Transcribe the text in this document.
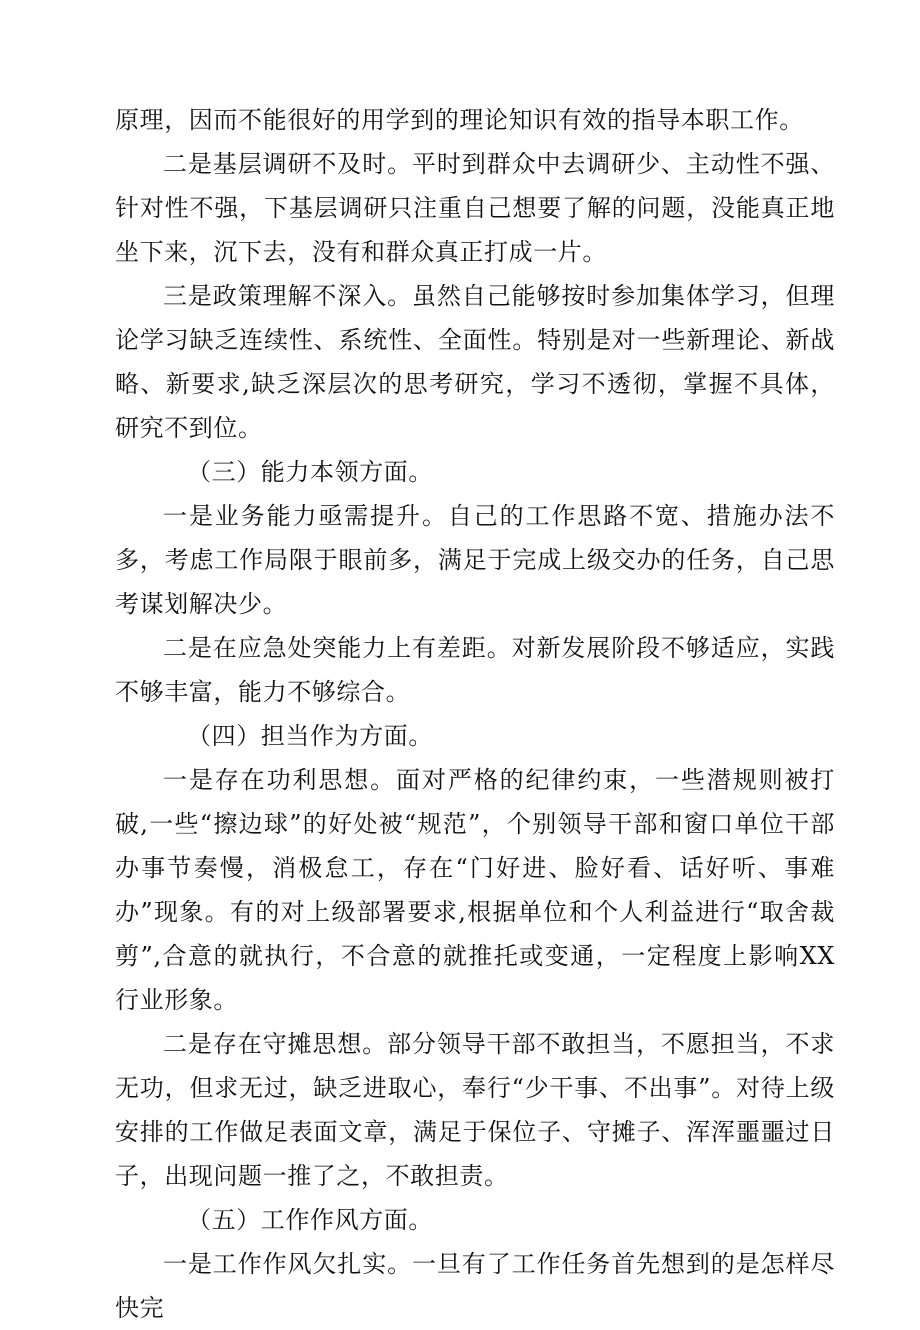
原理，因而不能很好的用学到的理论知识有效的指导本职工作。

二是基层调研不及时。平时到群众中去调研少、主动性不强、针对性不强，下基层调研只注重自己想要了解的问题，没能真正地坐下来，沉下去，没有和群众真正打成一片。

三是政策理解不深入。虽然自己能够按时参加集体学习，但理论学习缺乏连续性、系统性、全面性。特别是对一些新理论、新战略、新要求,缺乏深层次的思考研究，学习不透彻，掌握不具体，研究不到位。

（三）能力本领方面。

一是业务能力亟需提升。自己的工作思路不宽、措施办法不多，考虑工作局限于眼前多，满足于完成上级交办的任务，自己思考谋划解决少。

二是在应急处突能力上有差距。对新发展阶段不够适应，实践不够丰富，能力不够综合。

（四）担当作为方面。

一是存在功利思想。面对严格的纪律约束，一些潜规则被打破,一些“擦边球”的好处被“规范”，个别领导干部和窗口单位干部办事节奏慢，消极怠工，存在“门好进、脸好看、话好听、事难办”现象。有的对上级部署要求,根据单位和个人利益进行“取舍裁剪”,合意的就执行，不合意的就推托或变通，一定程度上影响XX行业形象。

二是存在守摊思想。部分领导干部不敢担当，不愿担当，不求无功，但求无过，缺乏进取心，奉行“少干事、不出事”。对待上级安排的工作做足表面文章，满足于保位子、守摊子、浑浑噩噩过日子，出现问题一推了之，不敢担责。

（五）工作作风方面。

一是工作作风欠扎实。一旦有了工作任务首先想到的是怎样尽快完
